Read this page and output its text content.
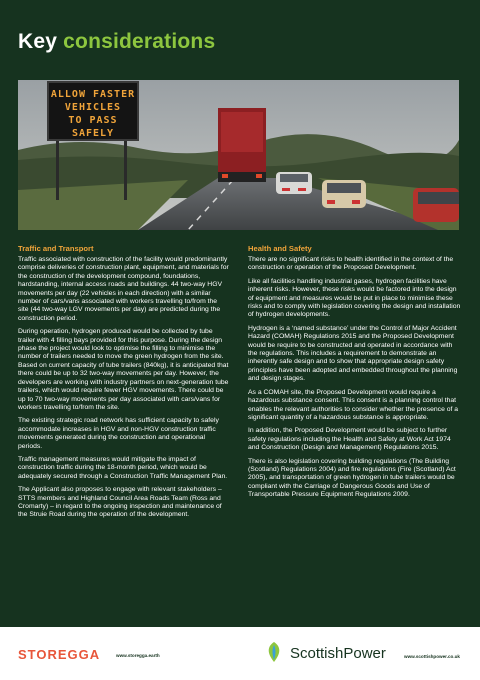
Key considerations
ALLOW FASTER
VEHICLES
TO PASS
SAFELY
Traffic and Transport

Traffic associated with construction of the facility would predominantly comprise deliveries of construction plant, equipment, and materials for the construction of the development compound, foundations, hardstanding, internal access roads and buildings. 44 two-way HGV movements per day (22 vehicles in each direction) with a similar number of cars/vans associated with workers travelling to/from the site (44 two-way LGV movements per day) are predicted during the construction period.

During operation, hydrogen produced would be collected by tube trailer with 4 filling bays provided for this purpose. During the design phase the project would look to optimise the filling to minimise the number of trailers needed to move the green hydrogen from the site. Based on current capacity of tube trailers (840kg), it is anticipated that there could be up to 32 two-way movements per day. However, the developers are working with industry partners on next-generation tube trailers, which would require fewer HGV movements. There could be up to 70 two-way movements per day associated with cars/vans for workers travelling to/from the site.

The existing strategic road network has sufficient capacity to safely accommodate increases in HGV and non-HGV construction traffic movements generated during the construction and operational periods.

Traffic management measures would mitigate the impact of construction traffic during the 18-month period, which would be adequately secured through a Construction Traffic Management Plan.

The Applicant also proposes to engage with relevant stakeholders – STTS members and Highland Council Area Roads Team (Ross and Cromarty) – in regard to the ongoing inspection and maintenance of the Struie Road during the operation of the development.

Health and Safety

There are no significant risks to health identified in the context of the construction or operation of the Proposed Development.

Like all facilities handling industrial gases, hydrogen facilities have inherent risks. However, these risks would be factored into the design of equipment and measures would be put in place to minimise these risks and to comply with legislation covering the design and installation of hydrogen developments.

Hydrogen is a ‘named substance’ under the Control of Major Accident Hazard (COMAH) Regulations 2015 and the Proposed Development would be require to be constructed and operated in accordance with the regulations. This includes a requirement to demonstrate an inherently safe design and to show that appropriate design safety principles have been adopted and embedded throughout the planning and design stages.

As a COMAH site, the Proposed Development would require a hazardous substance consent. This consent is a planning control that enables the relevant authorities to consider whether the presence of a significant quantity of a hazardous substance is appropriate.

In addition, the Proposed Development would be subject to further safety regulations including the Health and Safety at Work Act 1974 and Construction (Design and Management) Regulations 2015.

There is also legislation covering building regulations (The Building (Scotland) Regulations 2004) and fire regulations (Fire (Scotland) Act 2005), and transportation of green hydrogen in tube trailers would be compliant with the Carriage of Dangerous Goods and Use of Transportable Pressure Equipment Regulations 2009.

STOREGGA	www.storegga.earth	ScottishPower	www.scottishpower.co.uk
